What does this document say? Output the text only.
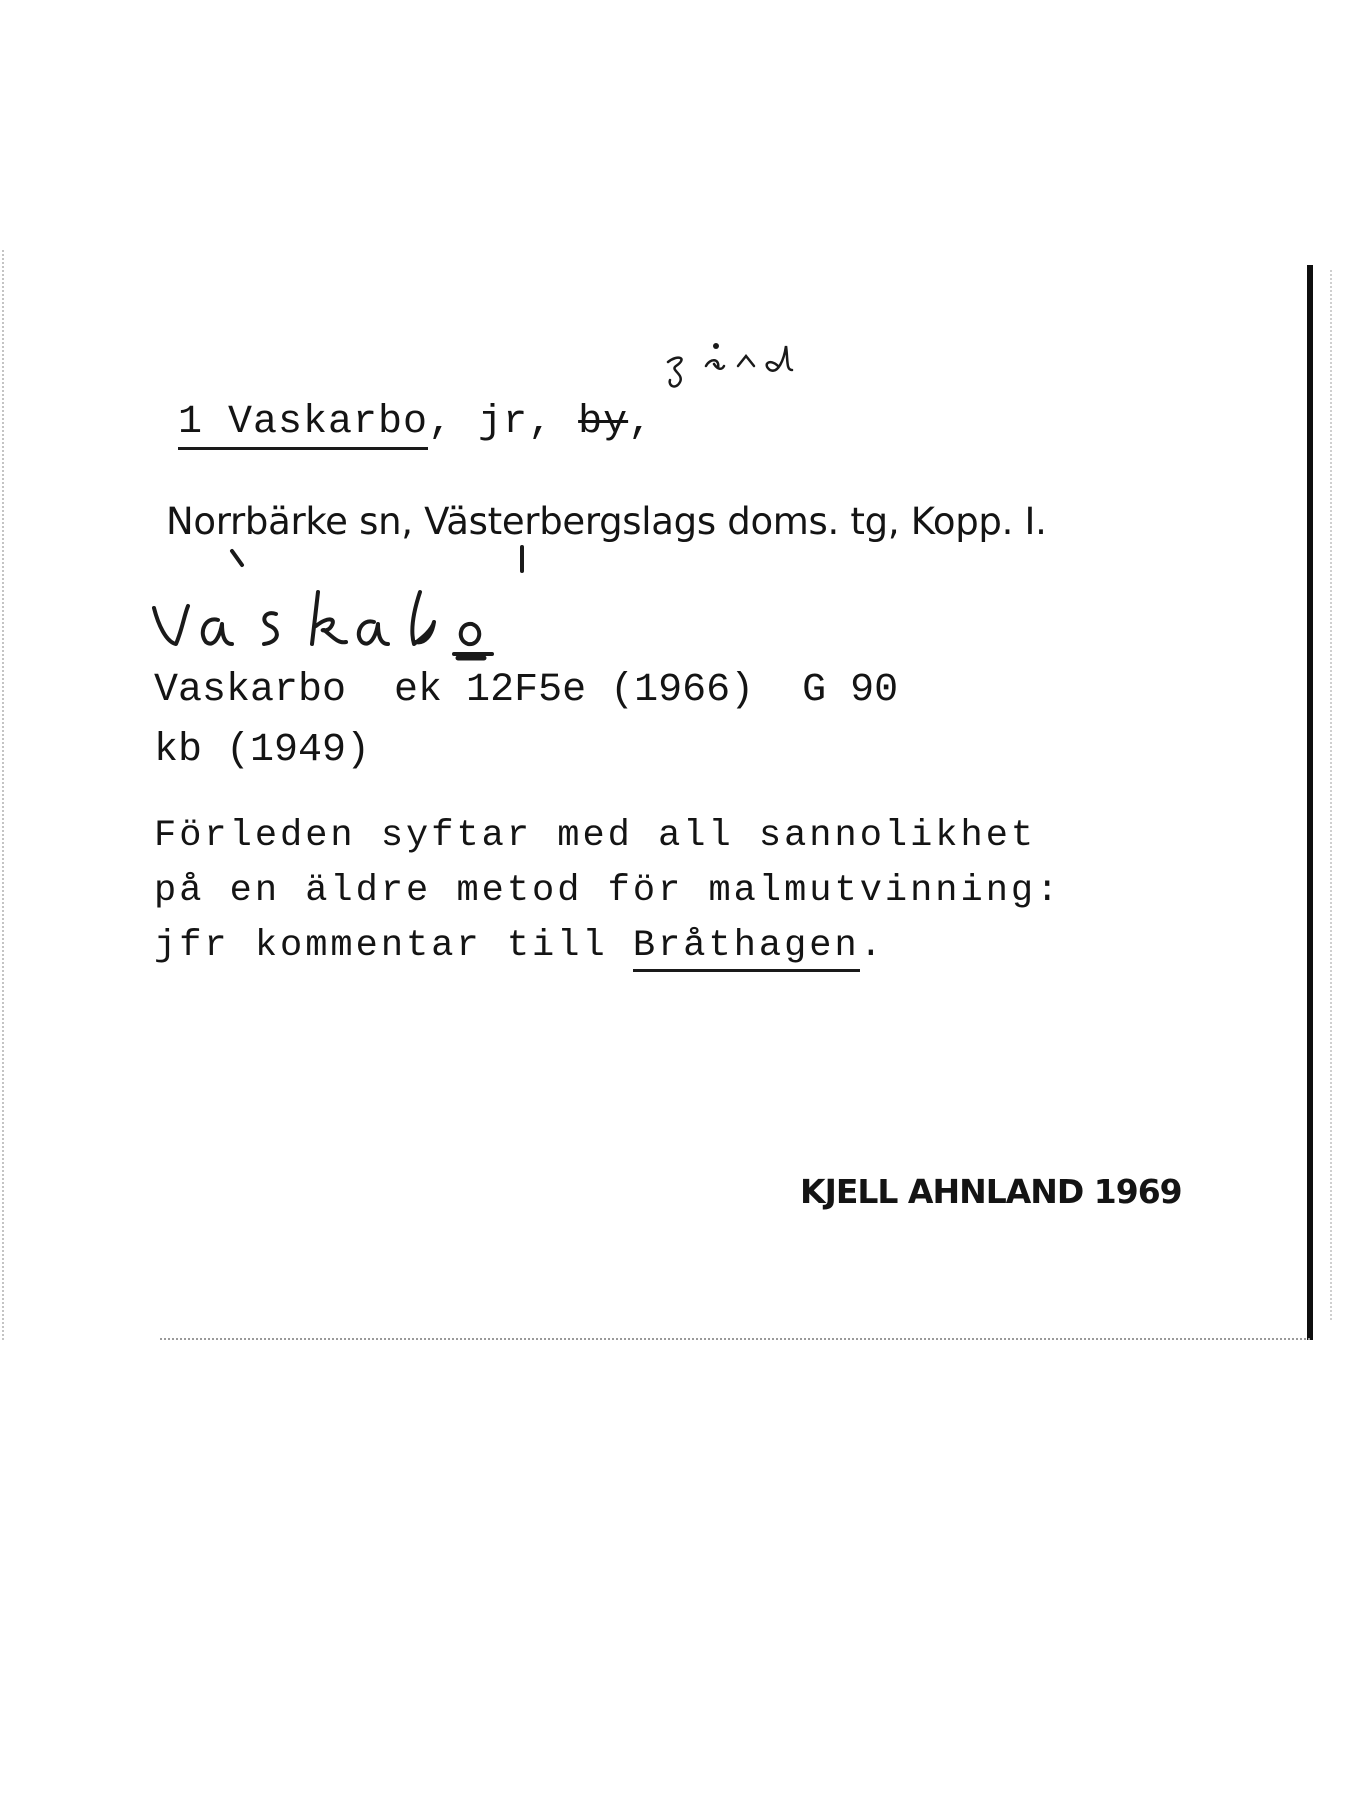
1 Vaskarbo, jr, by,
Norrbärke sn, Västerbergslags doms. tg, Kopp. I.
Vaskarbo ek 12F5e (1966) G 90
kb (1949)
Förleden syftar med all sannolikhet
på en äldre metod för malmutvinning:
jfr kommentar till Bråthagen.
KJELL AHNLAND 1969
